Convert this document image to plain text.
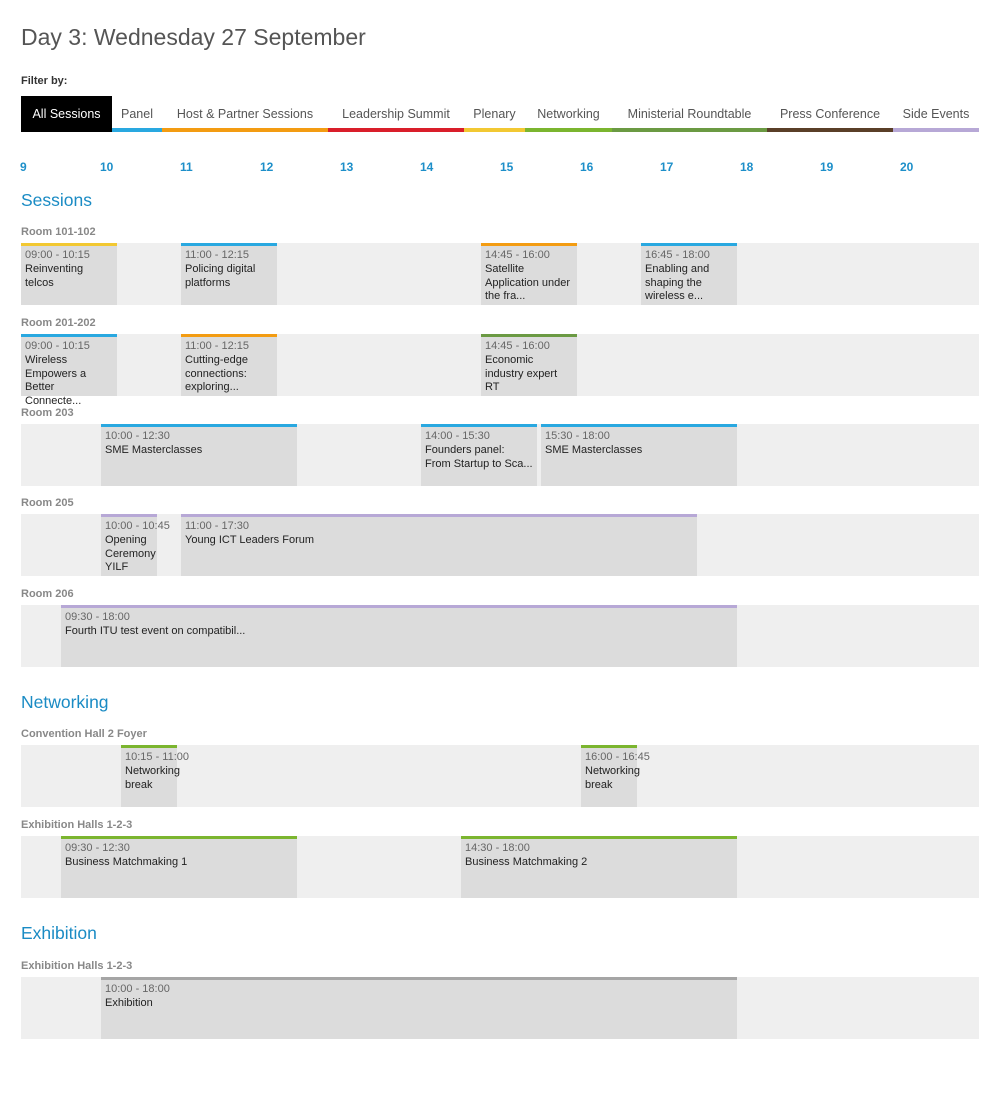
Day 3: Wednesday 27 September
Filter by:
All Sessions Panel Host & Partner Sessions Leadership Summit Plenary Networking Ministerial Roundtable Press Conference Side Events
9	10	11	12	13	14	15	16	17	18	19	20
Sessions
Room 101-102
09:00 - 10:15
Reinventing telcos
11:00 - 12:15
Policing digital platforms
14:45 - 16:00
Satellite Application under the fra...
16:45 - 18:00
Enabling and shaping the wireless e...
Room 201-202
09:00 - 10:15
Wireless Empowers a Better Connecte...
11:00 - 12:15
Cutting-edge connections: exploring...
14:45 - 16:00
Economic industry expert RT
Room 203
10:00 - 12:30
SME Masterclasses
14:00 - 15:30
Founders panel: From Startup to Sca...
15:30 - 18:00
SME Masterclasses
Room 205
10:00 - 10:45
Opening Ceremony YILF
11:00 - 17:30
Young ICT Leaders Forum
Room 206
09:30 - 18:00
Fourth ITU test event on compatibil...
Networking
Convention Hall 2 Foyer
10:15 - 11:00
Networking break
16:00 - 16:45
Networking break
Exhibition Halls 1-2-3
09:30 - 12:30
Business Matchmaking 1
14:30 - 18:00
Business Matchmaking 2
Exhibition
Exhibition Halls 1-2-3
10:00 - 18:00
Exhibition
